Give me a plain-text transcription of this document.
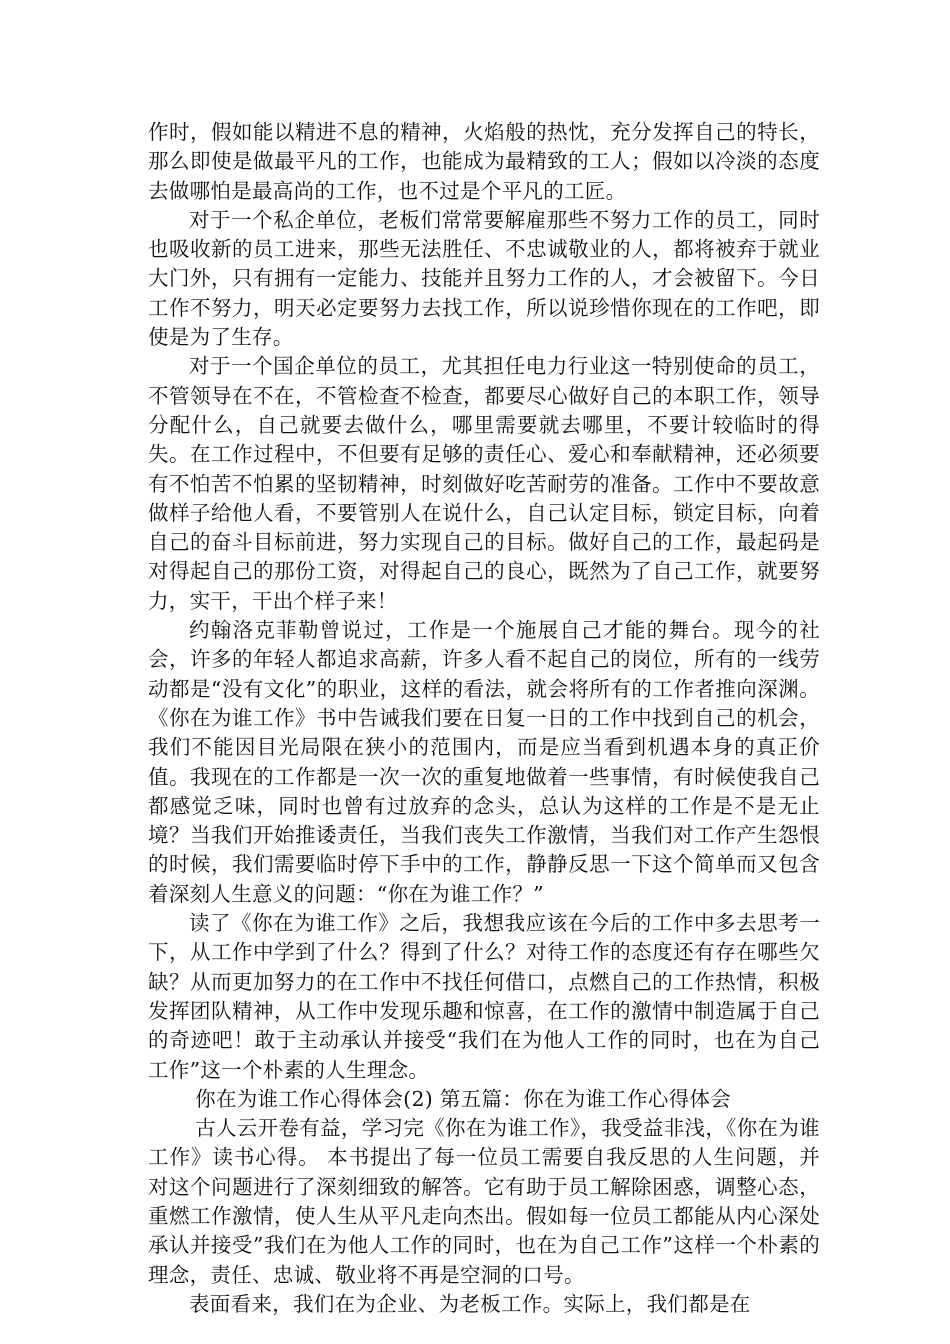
作时，假如能以精进不息的精神，火焰般的热忱，充分发挥自己的特长，那么即使是做最平凡的工作，也能成为最精致的工人；假如以冷淡的态度去做哪怕是最高尚的工作，也不过是个平凡的工匠。

对于一个私企单位，老板们常常要解雇那些不努力工作的员工，同时也吸收新的员工进来，那些无法胜任、不忠诚敬业的人，都将被弃于就业大门外，只有拥有一定能力、技能并且努力工作的人，才会被留下。今日工作不努力，明天必定要努力去找工作，所以说珍惜你现在的工作吧，即使是为了生存。

对于一个国企单位的员工，尤其担任电力行业这一特别使命的员工，不管领导在不在，不管检查不检查，都要尽心做好自己的本职工作，领导分配什么，自己就要去做什么，哪里需要就去哪里，不要计较临时的得失。在工作过程中，不但要有足够的责任心、爱心和奉献精神，还必须要有不怕苦不怕累的坚韧精神，时刻做好吃苦耐劳的准备。工作中不要故意做样子给他人看，不要管别人在说什么，自己认定目标，锁定目标，向着自己的奋斗目标前进，努力实现自己的目标。做好自己的工作，最起码是对得起自己的那份工资，对得起自己的良心，既然为了自己工作，就要努力，实干，干出个样子来！

约翰洛克菲勒曾说过，工作是一个施展自己才能的舞台。现今的社会，许多的年轻人都追求高薪，许多人看不起自己的岗位，所有的一线劳动都是“没有文化”的职业，这样的看法，就会将所有的工作者推向深渊。《你在为谁工作》书中告诫我们要在日复一日的工作中找到自己的机会，我们不能因目光局限在狭小的范围内，而是应当看到机遇本身的真正价值。我现在的工作都是一次一次的重复地做着一些事情，有时候使我自己都感觉乏味，同时也曾有过放弃的念头，总认为这样的工作是不是无止境？当我们开始推诿责任，当我们丧失工作激情，当我们对工作产生怨恨的时候，我们需要临时停下手中的工作，静静反思一下这个简单而又包含着深刻人生意义的问题：“你在为谁工作？”

读了《你在为谁工作》之后，我想我应该在今后的工作中多去思考一下，从工作中学到了什么？得到了什么？对待工作的态度还有存在哪些欠缺？从而更加努力的在工作中不找任何借口，点燃自己的工作热情，积极发挥团队精神，从工作中发现乐趣和惊喜，在工作的激情中制造属于自己的奇迹吧！敢于主动承认并接受“我们在为他人工作的同时，也在为自己工作”这一个朴素的人生理念。

你在为谁工作心得体会(2) 第五篇：你在为谁工作心得体会

古人云开卷有益，学习完《你在为谁工作》，我受益非浅，《你在为谁工作》读书心得。 本书提出了每一位员工需要自我反思的人生问题，并对这个问题进行了深刻细致的解答。它有助于员工解除困惑，调整心态，重燃工作激情，使人生从平凡走向杰出。假如每一位员工都能从内心深处承认并接受”我们在为他人工作的同时，也在为自己工作”这样一个朴素的理念，责任、忠诚、敬业将不再是空洞的口号。

表面看来，我们在为企业、为老板工作。实际上，我们都是在
